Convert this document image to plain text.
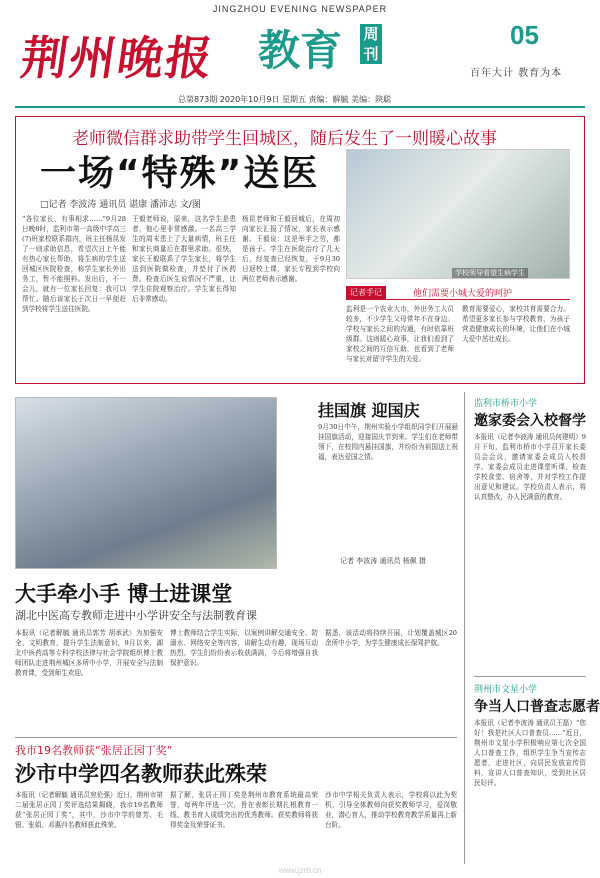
JINGZHOU EVENING NEWSPAPER
荆州晚报 教育 周刊
05
百年大计 教育为本
总第873期 2020年10月9日 星期五 责编：解毓 美编：陕聪
老师微信群求助带学生回城区，随后发生了一则暖心故事
一场“特殊”送医
□记者 李波涛 通讯员 谌康 潘沛志 文/图
“各位家长，有事相求……”9月28日晚8时，监利市第一高级中学高三(7)班家校联系群内，班主任杨昆发了一则求助信息，希望次日上午能有热心家长帮助，将生病的学生送回城区医院检查，称学生家长外出务工，暂不能照料。发出后，不一会儿，就有一位家长回复：我可以帮忙。随后该家长于次日一早便赶到学校将学生送往医院。
王毅老师说，原来，这名学生是患者，他心里非常感激。一名高三学生的周末患上了大量病情，班主任和家长商量后在群里求助。很快，家长王毅联系了学生家长，将学生送到医院做检查，并垫付了医药费。检查后医生说情况不严重，让学生住院观察治疗。学生家长得知后非常感动。
杨昆老师和王毅回城后，在周初向家长汇报了情况，家长表示感谢。王毅说：这是举手之劳，都是孩子。学生在医院治疗了几天后，经复查已经恢复，于9月30日返校上课，家长专程到学校向两位老师表示感谢。
学校领导看望生病学生
记者手记	他们需要小城大爱的呵护
监利是一个农业大市，外出务工人员较多，不少学生父母常年不在身边。学校与家长之间的沟通，有时依靠班级群。这则暖心故事，让我们看到了家校之间的互信互助，也看到了老师与家长对留守学生的关爱。
教育需要爱心，家校共育需要合力。希望更多家长参与学校教育，为孩子营造健康成长的环境，让他们在小城大爱中茁壮成长。
大手牵小手 博士进课堂
湖北中医高专教师走进中小学讲安全与法制教育课
本报讯（记者解毓 通讯员郭芳 胡承武）为加强安全、文明教育，提升学生法制意识，9月以来，湖北中医药高等专科学校法律与社会学院组织博士教师团队走进荆州城区多所中小学，开展安全与法制教育课，受到师生欢迎。
博士教师结合学生实际，以案例讲解交通安全、防溺水、网络安全等内容，讲解生动有趣，现场互动热烈。学生们纷纷表示收获满满，今后将增强自我保护意识。
据悉，该活动将持续开展，计划覆盖城区20余所中小学，为学生健康成长保驾护航。
挂国旗 迎国庆
9月30日中午，荆州实验小学组织同学们开展悬挂国旗活动，迎接国庆节到来。学生们在老师带领下，在校园内悬挂国旗，并纷纷为祖国送上祝福，表达爱国之情。
记者 李波涛 通讯员 杨佩 摄
我市19名教师获“张居正园丁奖”
沙市中学四名教师获此殊荣
本报讯（记者解毓 通讯员宛伦强）近日，荆州市第二届张居正园丁奖评选结果揭晓，我市19名教师获“张居正园丁奖”，其中，沙市中学的曾芳、毛银、张娟、邓惠四名教师获此殊荣。
据了解，张居正园丁奖是荆州市教育系统最高荣誉，每两年评选一次，旨在表彰长期扎根教育一线、教书育人成绩突出的优秀教师。获奖教师将获得奖金及荣誉证书。
沙市中学相关负责人表示，学校将以此为契机，引导全体教师向获奖教师学习，爱岗敬业，潜心育人，推动学校教育教学质量再上新台阶。
监利市桥市小学
邀家委会入校督学
本报讯（记者李波涛 通讯员何建明）9月下旬，监利市桥市小学召开家长委员会会议，邀请家委会成员入校督学。家委会成员走进课堂听课，检查学校食堂、宿舍等，并对学校工作提出意见和建议。学校负责人表示，将认真整改，办人民满意的教育。
荆州市文星小学
争当人口普查志愿者
本报讯（记者李波涛 通讯员王磊）“您好！我是社区人口普查员……”近日，荆州市文星小学积极响应第七次全国人口普查工作，组织学生争当宣传志愿者，走进社区，向居民发放宣传资料，宣讲人口普查知识，受到社区居民好评。
www.jzrb.cn
